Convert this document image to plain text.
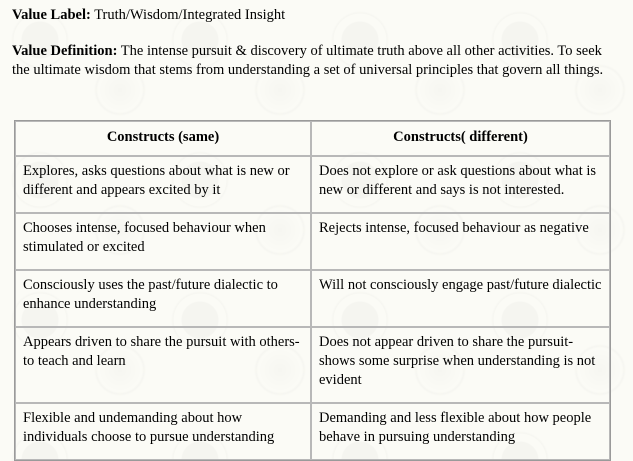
Value Label: Truth/Wisdom/Integrated Insight

Value Definition: The intense pursuit & discovery of ultimate truth above all other activities. To seek the ultimate wisdom that stems from understanding a set of universal principles that govern all things.

Constructs (same)	Constructs( different)
Explores, asks questions about what is new or different and appears excited by it	Does not explore or ask questions about what is new or different and says is not interested.
Chooses intense, focused behaviour when stimulated or excited	Rejects intense, focused behaviour as negative
Consciously uses the past/future dialectic to enhance understanding	Will not consciously engage past/future dialectic
Appears driven to share the pursuit with others- to teach and learn	Does not appear driven to share the pursuit- shows some surprise when understanding is not evident
Flexible and undemanding about how individuals choose to pursue understanding	Demanding and less flexible about how people behave in pursuing understanding
